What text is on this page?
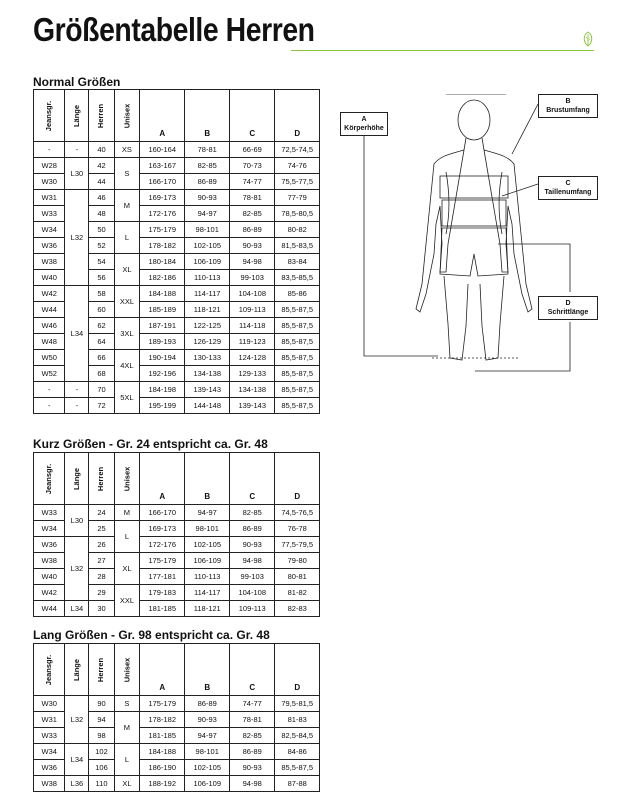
Größentabelle Herren
Normal Größen
Jeansgr.	Länge	Herren	Unisex	A	B	C	D
-	-	40	XS	160-164	78-81	66-69	72,5-74,5
W28	L30	42	S	163-167	82-85	70-73	74-76
W30		44		166-170	86-89	74-77	75,5-77,5
W31	L32	46	M	169-173	90-93	78-81	77-79
W33		48		172-176	94-97	82-85	78,5-80,5
W34		50	L	175-179	98-101	86-89	80-82
W36		52		178-182	102-105	90-93	81,5-83,5
W38		54	XL	180-184	106-109	94-98	83-84
W40		56		182-186	110-113	99-103	83,5-85,5
W42	L34	58	XXL	184-188	114-117	104-108	85-86
W44		60		185-189	118-121	109-113	85,5-87,5
W46		62	3XL	187-191	122-125	114-118	85,5-87,5
W48		64		189-193	126-129	119-123	85,5-87,5
W50		66	4XL	190-194	130-133	124-128	85,5-87,5
W52		68		192-196	134-138	129-133	85,5-87,5
-	-	70	5XL	184-198	139-143	134-138	85,5-87,5
-	-	72		195-199	144-148	139-143	85,5-87,5
Kurz Größen - Gr. 24 entspricht ca. Gr. 48
Jeansgr.	Länge	Herren	Unisex	A	B	C	D
W33	L30	24	M	166-170	94-97	82-85	74,5-76,5
W34		25	L	169-173	98-101	86-89	76-78
W36	L32	26		172-176	102-105	90-93	77,5-79,5
W38		27	XL	175-179	106-109	94-98	79-80
W40		28		177-181	110-113	99-103	80-81
W42		29	XXL	179-183	114-117	104-108	81-82
W44	L34	30		181-185	118-121	109-113	82-83
Lang Größen - Gr. 98 entspricht ca. Gr. 48
Jeansgr.	Länge	Herren	Unisex	A	B	C	D
W30	L32	90	S	175-179	86-89	74-77	79,5-81,5
W31		94	M	178-182	90-93	78-81	81-83
W33		98		181-185	94-97	82-85	82,5-84,5
W34	L34	102	L	184-188	98-101	86-89	84-86
W36		106		186-190	102-105	90-93	85,5-87,5
W38	L36	110	XL	188-192	106-109	94-98	87-88
A
Körperhöhe
B
Brustumfang
C
Taillenumfang
D
Schrittlänge
